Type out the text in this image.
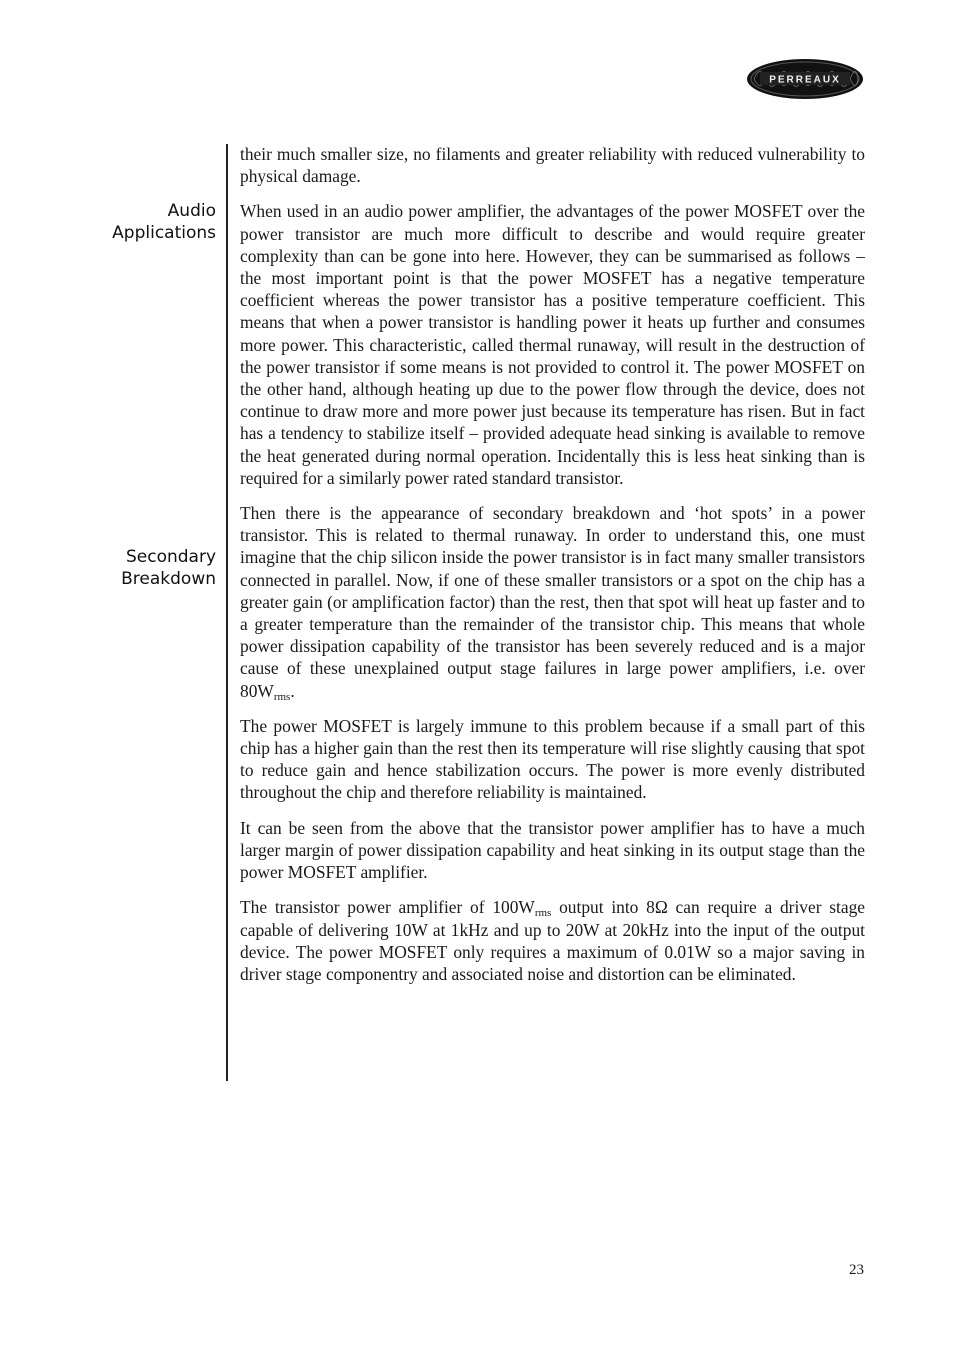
PERREAUX
Audio
Applications
Secondary
Breakdown

their much smaller size, no filaments and greater reliability with reduced vulnerability to physical damage.

When used in an audio power amplifier, the advantages of the power MOSFET over the power transistor are much more difficult to describe and would require greater complexity than can be gone into here. However, they can be summarised as follows – the most important point is that the power MOSFET has a negative temperature coefficient whereas the power transistor has a positive temperature coefficient. This means that when a power transistor is handling power it heats up further and consumes more power. This characteristic, called thermal runaway, will result in the destruction of the power transistor if some means is not provided to control it. The power MOSFET on the other hand, although heating up due to the power flow through the device, does not continue to draw more and more power just because its temperature has risen. But in fact has a tendency to stabilize itself – provided adequate head sinking is available to remove the heat generated during normal operation. Incidentally this is less heat sinking than is required for a similarly power rated standard transistor.

Then there is the appearance of secondary breakdown and ‘hot spots’ in a power transistor. This is related to thermal runaway. In order to understand this, one must imagine that the chip silicon inside the power transistor is in fact many smaller transistors connected in parallel. Now, if one of these smaller transistors or a spot on the chip has a greater gain (or amplification factor) than the rest, then that spot will heat up faster and to a greater temperature than the remainder of the transistor chip. This means that whole power dissipation capability of the transistor has been severely reduced and is a major cause of these unexplained output stage failures in large power amplifiers, i.e. over $80W_{rms}$.

The power MOSFET is largely immune to this problem because if a small part of this chip has a higher gain than the rest then its temperature will rise slightly causing that spot to reduce gain and hence stabilization occurs. The power is more evenly distributed throughout the chip and therefore reliability is maintained.

It can be seen from the above that the transistor power amplifier has to have a much larger margin of power dissipation capability and heat sinking in its output stage than the power MOSFET amplifier.

The transistor power amplifier of $100W_{rms}$ output into 8Ω can require a driver stage capable of delivering 10W at 1kHz and up to 20W at 20kHz into the input of the output device. The power MOSFET only requires a maximum of 0.01W so a major saving in driver stage componentry and associated noise and distortion can be eliminated.

23
